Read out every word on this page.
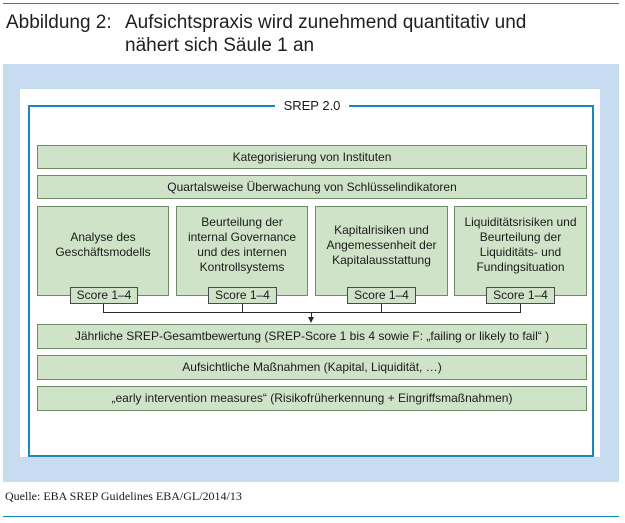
Abbildung 2: Aufsichtspraxis wird zunehmend quantitativ und
nähert sich Säule 1 an
SREP 2.0
Kategorisierung von Instituten
Quartalsweise Überwachung von Schlüsselindikatoren
Analyse des Geschäftsmodells
Beurteilung der internal Governance und des internen Kontrollsystems
Kapitalrisiken und Angemessenheit der Kapitalausstattung
Liquiditätsrisiken und Beurteilung der Liquiditäts- und Fundingsituation
Score 1–4	Score 1–4	Score 1–4	Score 1–4
Jährliche SREP-Gesamtbewertung (SREP-Score 1 bis 4 sowie F: „failing or likely to fail“ )
Aufsichtliche Maßnahmen (Kapital, Liquidität, …)
„early intervention measures“ (Risikofrüherkennung + Eingriffsmaßnahmen)
Quelle: EBA SREP Guidelines EBA/GL/2014/13
